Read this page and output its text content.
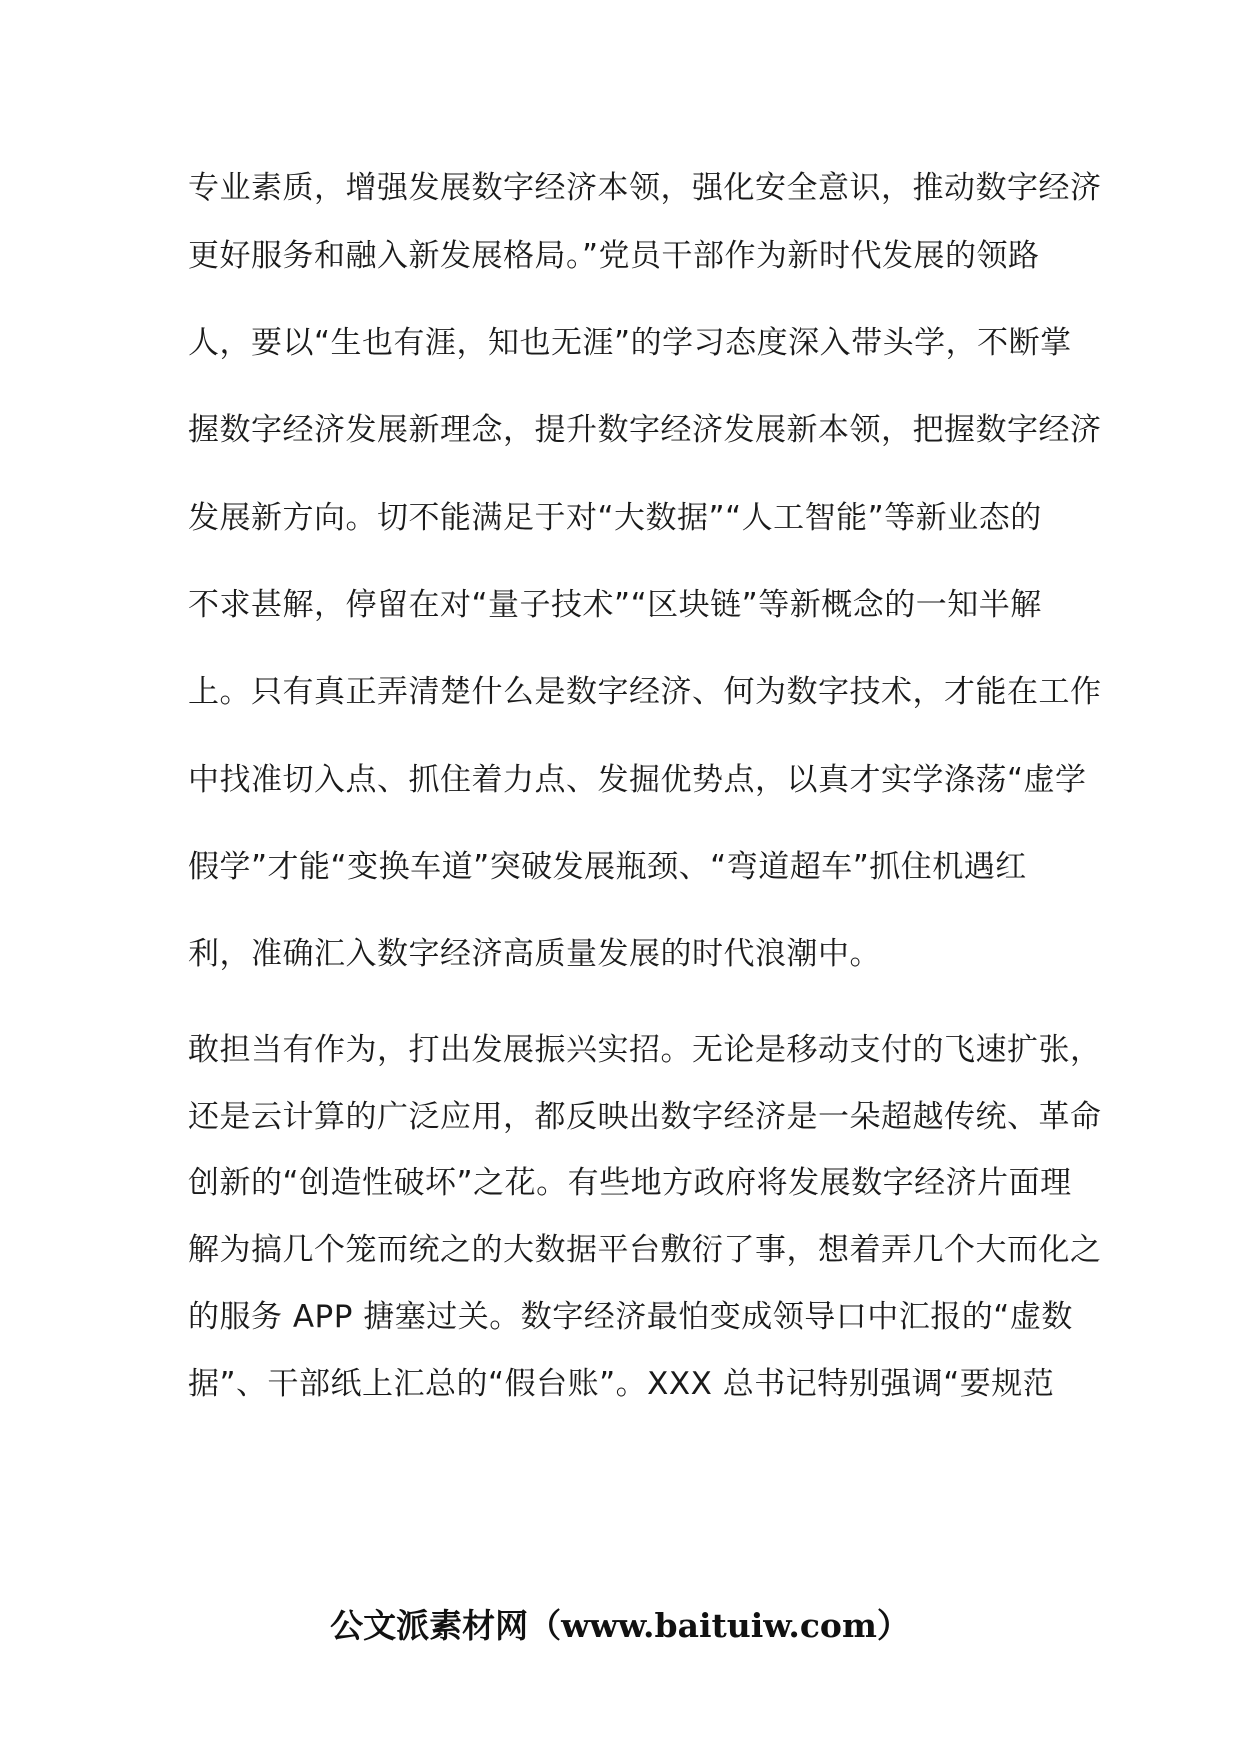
专业素质，增强发展数字经济本领，强化安全意识，推动数字经济
更好服务和融入新发展格局。”党员干部作为新时代发展的领路
人，要以“生也有涯，知也无涯”的学习态度深入带头学，不断掌
握数字经济发展新理念，提升数字经济发展新本领，把握数字经济
发展新方向。切不能满足于对“大数据”“人工智能”等新业态的
不求甚解，停留在对“量子技术”“区块链”等新概念的一知半解
上。只有真正弄清楚什么是数字经济、何为数字技术，才能在工作
中找准切入点、抓住着力点、发掘优势点，以真才实学涤荡“虚学
假学”才能“变换车道”突破发展瓶颈、“弯道超车”抓住机遇红
利，准确汇入数字经济高质量发展的时代浪潮中。
敢担当有作为，打出发展振兴实招。无论是移动支付的飞速扩张，
还是云计算的广泛应用，都反映出数字经济是一朵超越传统、革命
创新的“创造性破坏”之花。有些地方政府将发展数字经济片面理
解为搞几个笼而统之的大数据平台敷衍了事，想着弄几个大而化之
的服务 APP 搪塞过关。数字经济最怕变成领导口中汇报的“虚数
据”、干部纸上汇总的“假台账”。XXX 总书记特别强调“要规范
公文派素材网（www.baituiw.com）
